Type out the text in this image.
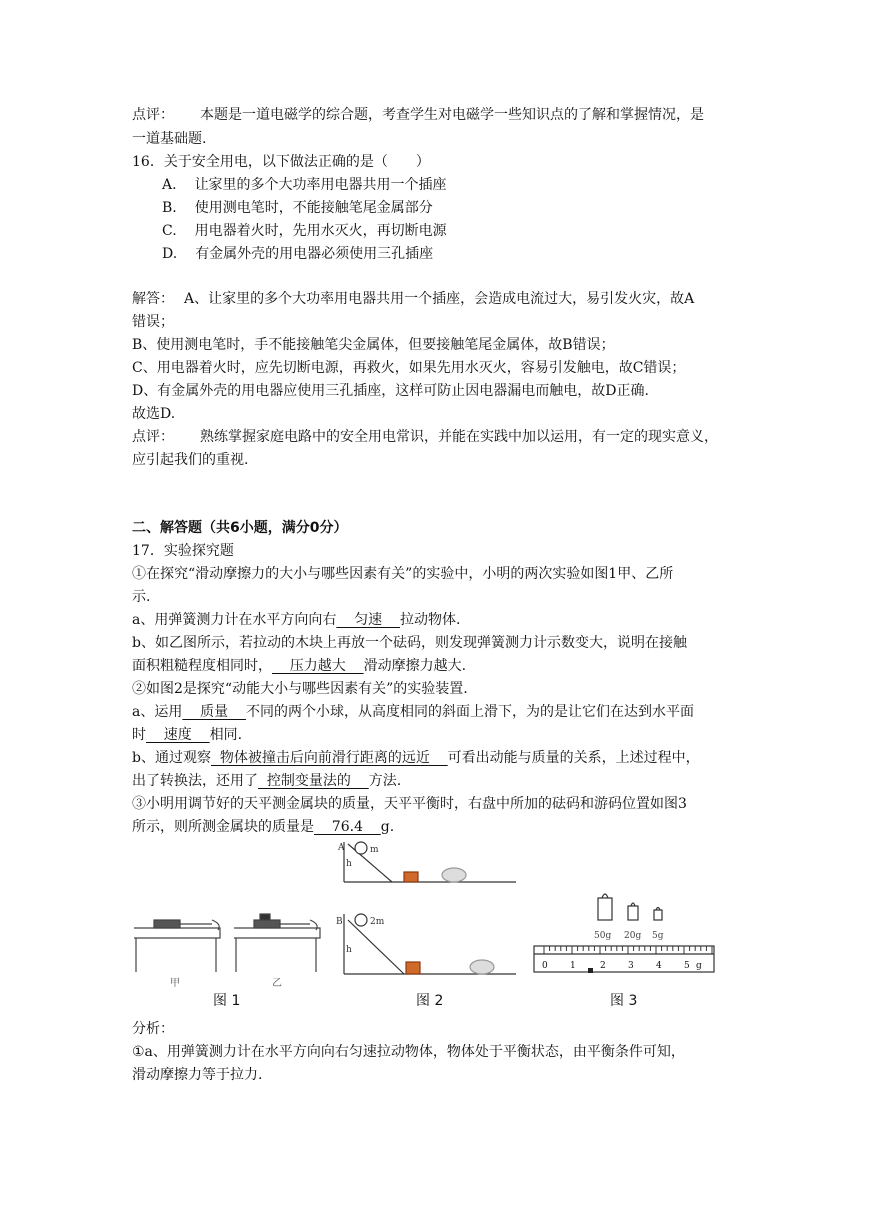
点评： 本题是一道电磁学的综合题，考查学生对电磁学一些知识点的了解和掌握情况，是
一道基础题.
16．关于安全用电，以下做法正确的是（　　）
A. 让家里的多个大功率用电器共用一个插座
B. 使用测电笔时，不能接触笔尾金属部分
C. 用电器着火时，先用水灭火，再切断电源
D. 有金属外壳的用电器必须使用三孔插座
解答： A、让家里的多个大功率用电器共用一个插座，会造成电流过大，易引发火灾，故A
错误；
B、使用测电笔时，手不能接触笔尖金属体，但要接触笔尾金属体，故B错误；
C、用电器着火时，应先切断电源，再救火，如果先用水灭火，容易引发触电，故C错误；
D、有金属外壳的用电器应使用三孔插座，这样可防止因电器漏电而触电，故D正确.
故选D.
点评： 熟练掌握家庭电路中的安全用电常识，并能在实践中加以运用，有一定的现实意义，
应引起我们的重视.
二、解答题（共6小题，满分0分）
17．实验探究题
①在探究“滑动摩擦力的大小与哪些因素有关”的实验中，小明的两次实验如图1甲、乙所
示.
a、用弹簧测力计在水平方向向右    匀速    拉动物体.
b、如乙图所示，若拉动的木块上再放一个砝码，则发现弹簧测力计示数变大，说明在接触
面积粗糙程度相同时，    压力越大    滑动摩擦力越大.
②如图2是探究“动能大小与哪些因素有关”的实验装置.
a、运用    质量    不同的两个小球，从高度相同的斜面上滑下，为的是让它们在达到水平面
时    速度    相同.
b、通过观察  物体被撞击后向前滑行距离的远近    可看出动能与质量的关系，上述过程中，
出了转换法，还用了  控制变量法的    方法.
③小明用调节好的天平测金属块的质量，天平平衡时，右盘中所加的砝码和游码位置如图3
所示，则所测金属块的质量是    76.4    g.
甲	乙
图 1
A	m
h
B	2m
h
图 2
50g 20g 5g
0 1	2 3 4 5 g
图 3
分析：
①a、用弹簧测力计在水平方向向右匀速拉动物体，物体处于平衡状态，由平衡条件可知，
滑动摩擦力等于拉力.
